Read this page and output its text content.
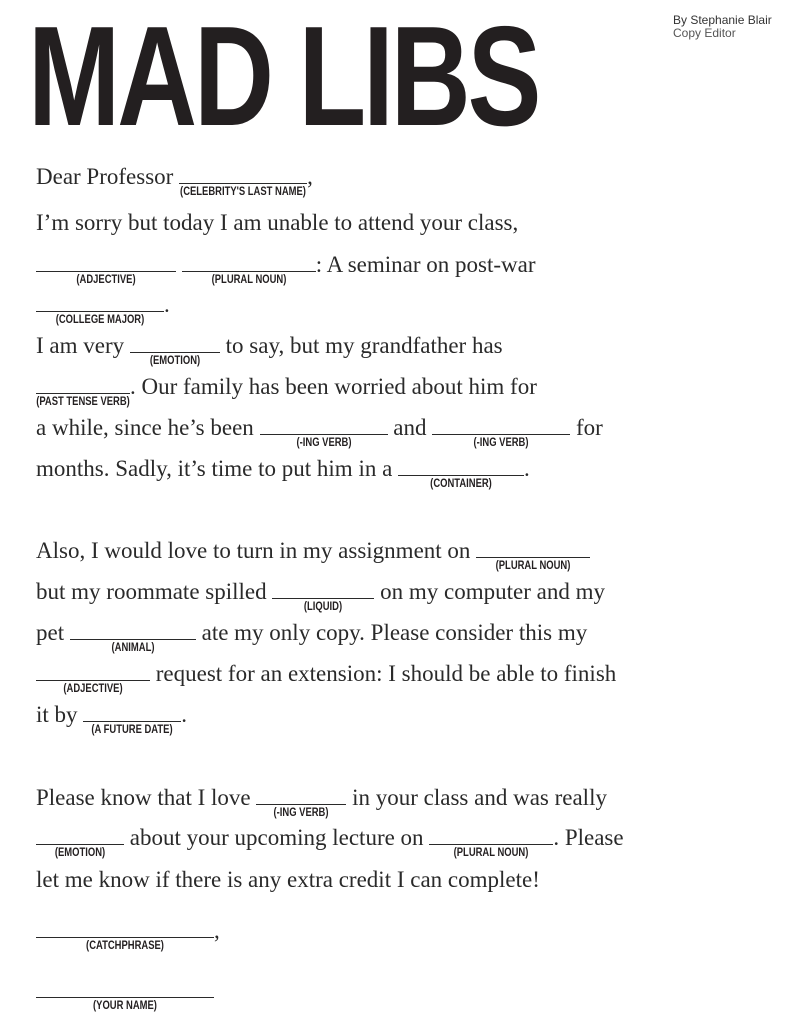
MAD LIBS	By Stephanie Blair
Copy Editor
Dear Professor
(CELEBRITY'S LAST NAME)
,
I’m sorry but today I am unable to attend your class,
(ADJECTIVE)
	(PLURAL NOUN)
: A seminar on post-war
(COLLEGE MAJOR)
.
I am very
(EMOTION)
to say, but my grandfather has
(PAST TENSE VERB)
. Our family has been worried about him for
a while, since he’s been
(-ING VERB)
and
(-ING VERB)
for
months. Sadly, it’s time to put him in a
(CONTAINER)
.
Also, I would love to turn in my assignment on
(PLURAL NOUN)
but my roommate spilled
(LIQUID)
on my computer and my
pet
(ANIMAL)
ate my only copy. Please consider this my
(ADJECTIVE)
request for an extension: I should be able to finish
it by
(A FUTURE DATE)
.
Please know that I love
(-ING VERB)
in your class and was really
(EMOTION)
about your upcoming lecture on
(PLURAL NOUN)
. Please
let me know if there is any extra credit I can complete!
(CATCHPHRASE)
,
(YOUR NAME)
